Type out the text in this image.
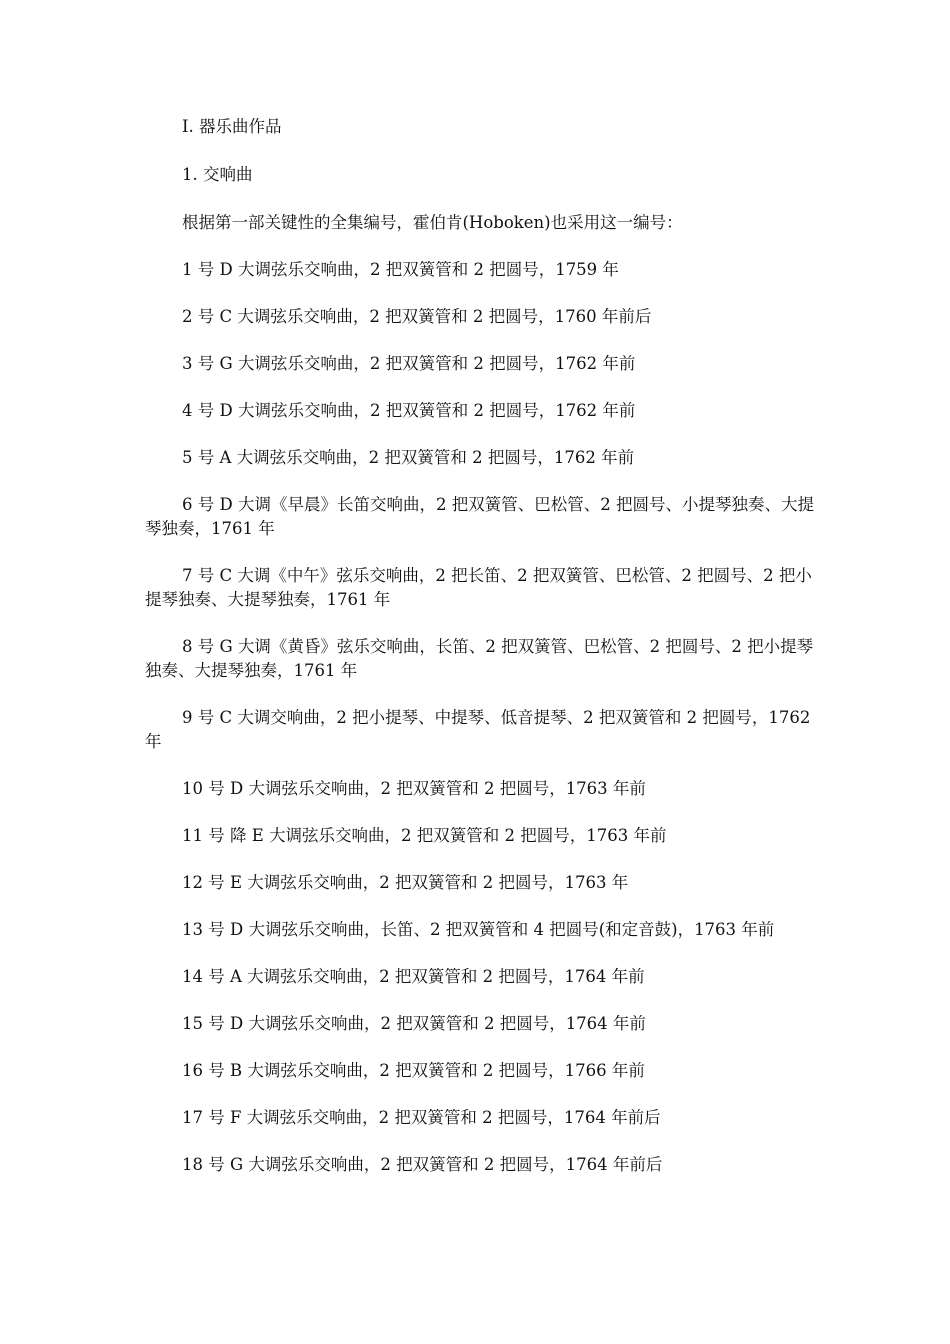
I. 器乐曲作品

1. 交响曲

根据第一部关键性的全集编号，霍伯肯(Hoboken)也采用这一编号：

1 号 D 大调弦乐交响曲，2 把双簧管和 2 把圆号，1759 年

2 号 C 大调弦乐交响曲，2 把双簧管和 2 把圆号，1760 年前后

3 号 G 大调弦乐交响曲，2 把双簧管和 2 把圆号，1762 年前

4 号 D 大调弦乐交响曲，2 把双簧管和 2 把圆号，1762 年前

5 号 A 大调弦乐交响曲，2 把双簧管和 2 把圆号，1762 年前

6 号 D 大调《早晨》长笛交响曲，2 把双簧管、巴松管、2 把圆号、小提琴独奏、大提琴独奏，1761 年

7 号 C 大调《中午》弦乐交响曲，2 把长笛、2 把双簧管、巴松管、2 把圆号、2 把小提琴独奏、大提琴独奏，1761 年

8 号 G 大调《黄昏》弦乐交响曲，长笛、2 把双簧管、巴松管、2 把圆号、2 把小提琴独奏、大提琴独奏，1761 年

9 号 C 大调交响曲，2 把小提琴、中提琴、低音提琴、2 把双簧管和 2 把圆号，1762 年

10 号 D 大调弦乐交响曲，2 把双簧管和 2 把圆号，1763 年前

11 号 降 E 大调弦乐交响曲，2 把双簧管和 2 把圆号，1763 年前

12 号 E 大调弦乐交响曲，2 把双簧管和 2 把圆号，1763 年

13 号 D 大调弦乐交响曲，长笛、2 把双簧管和 4 把圆号(和定音鼓)，1763 年前

14 号 A 大调弦乐交响曲，2 把双簧管和 2 把圆号，1764 年前

15 号 D 大调弦乐交响曲，2 把双簧管和 2 把圆号，1764 年前

16 号 B 大调弦乐交响曲，2 把双簧管和 2 把圆号，1766 年前

17 号 F 大调弦乐交响曲，2 把双簧管和 2 把圆号，1764 年前后

18 号 G 大调弦乐交响曲，2 把双簧管和 2 把圆号，1764 年前后
